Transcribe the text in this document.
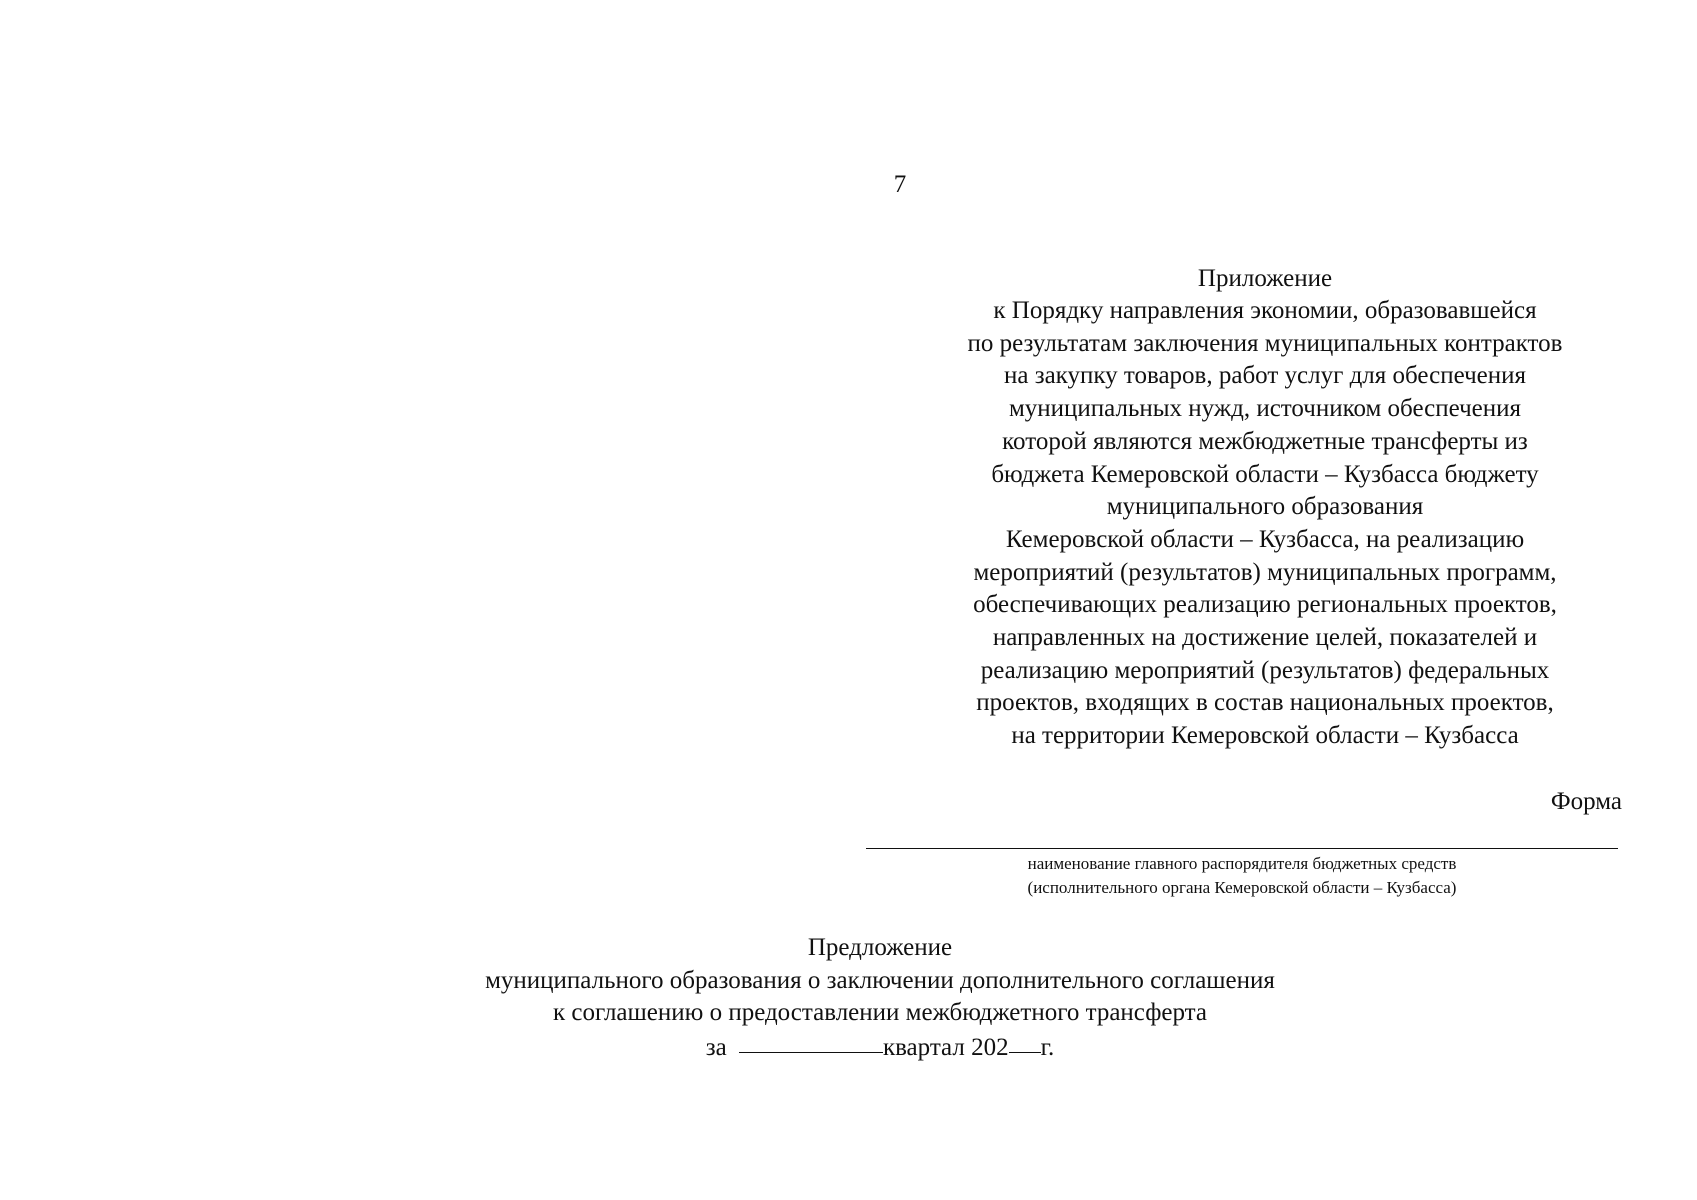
7
Приложение
к Порядку направления экономии, образовавшейся
по результатам заключения муниципальных контрактов
на закупку товаров, работ услуг для обеспечения
муниципальных нужд, источником обеспечения
которой являются межбюджетные трансферты из
бюджета Кемеровской области – Кузбасса бюджету
муниципального образования
Кемеровской области – Кузбасса, на реализацию
мероприятий (результатов) муниципальных программ,
обеспечивающих реализацию региональных проектов,
направленных на достижение целей, показателей и
реализацию мероприятий (результатов) федеральных
проектов, входящих в состав национальных проектов,
на территории Кемеровской области – Кузбасса
Форма
наименование главного распорядителя бюджетных средств
(исполнительного органа Кемеровской области – Кузбасса)
Предложение
муниципального образования о заключении дополнительного соглашения
к соглашению о предоставлении межбюджетного трансферта
за	квартал 202 г.
